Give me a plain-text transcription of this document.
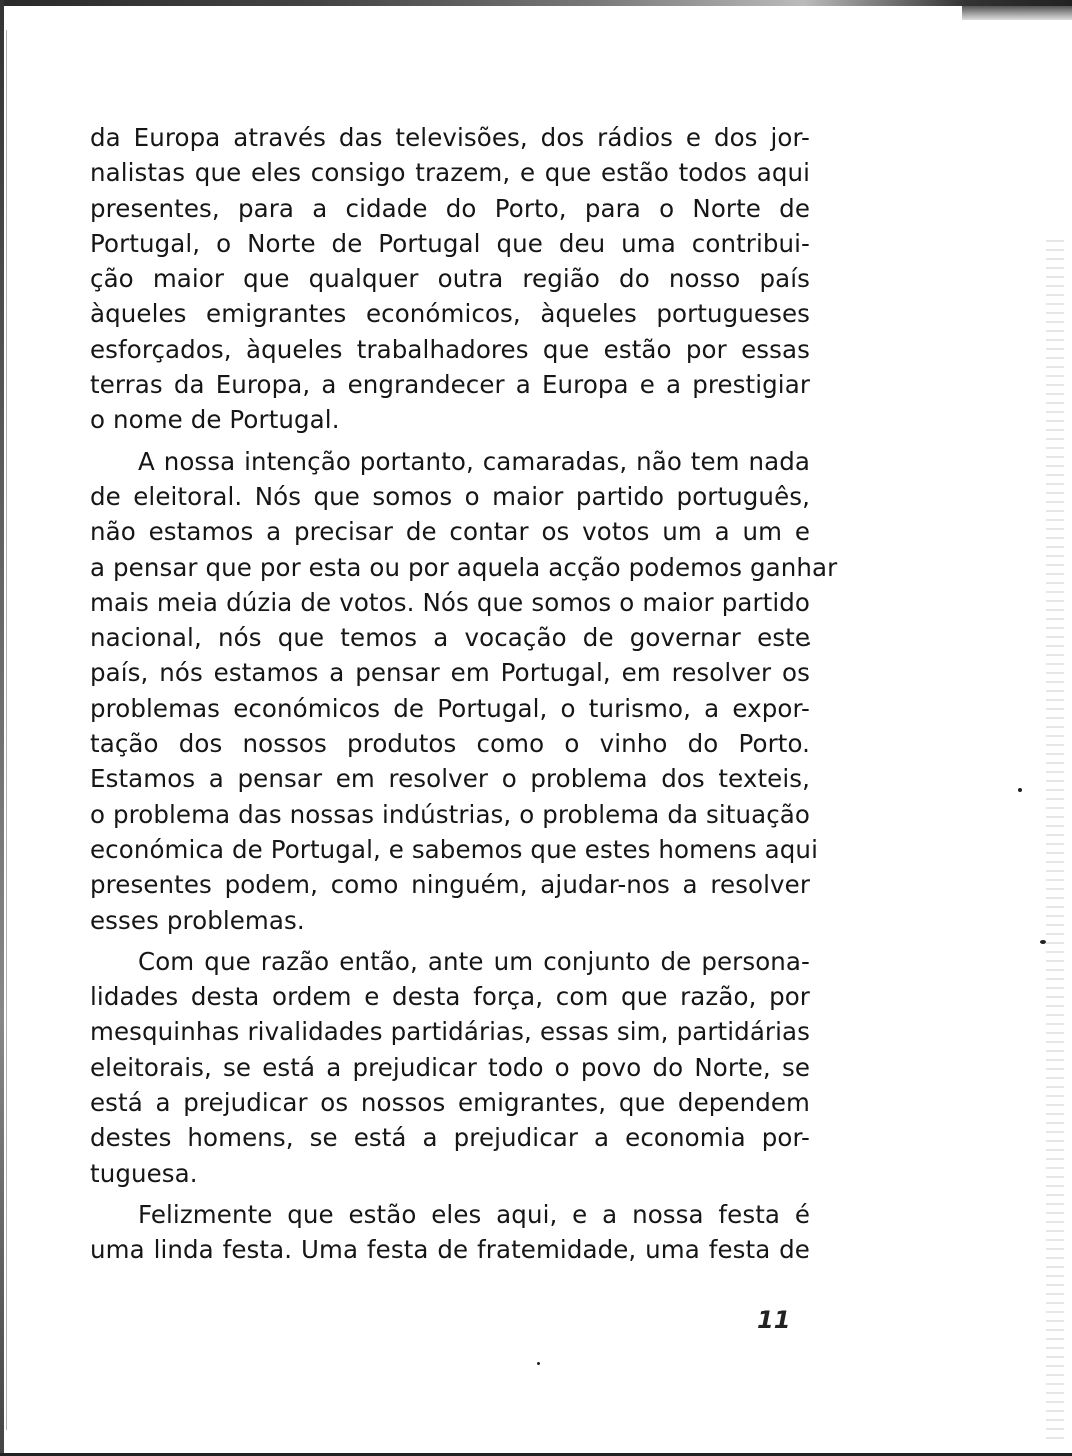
da Europa através das televisões, dos rádios e dos jor-
nalistas que eles consigo trazem, e que estão todos aqui
presentes, para a cidade do Porto, para o Norte de
Portugal, o Norte de Portugal que deu uma contribui-
ção maior que qualquer outra região do nosso país
àqueles emigrantes económicos, àqueles portugueses
esforçados, àqueles trabalhadores que estão por essas
terras da Europa, a engrandecer a Europa e a prestigiar
o nome de Portugal.
A nossa intenção portanto, camaradas, não tem nada
de eleitoral. Nós que somos o maior partido português,
não estamos a precisar de contar os votos um a um e
a pensar que por esta ou por aquela acção podemos ganhar
mais meia dúzia de votos. Nós que somos o maior partido
nacional, nós que temos a vocação de governar este
país, nós estamos a pensar em Portugal, em resolver os
problemas económicos de Portugal, o turismo, a expor-
tação dos nossos produtos como o vinho do Porto.
Estamos a pensar em resolver o problema dos texteis,
o problema das nossas indústrias, o problema da situação
económica de Portugal, e sabemos que estes homens aqui
presentes podem, como ninguém, ajudar-nos a resolver
esses problemas.
Com que razão então, ante um conjunto de persona-
lidades desta ordem e desta força, com que razão, por
mesquinhas rivalidades partidárias, essas sim, partidárias
eleitorais, se está a prejudicar todo o povo do Norte, se
está a prejudicar os nossos emigrantes, que dependem
destes homens, se está a prejudicar a economia por-
tuguesa.
Felizmente que estão eles aqui, e a nossa festa é
uma linda festa. Uma festa de fratemidade, uma festa de
11
